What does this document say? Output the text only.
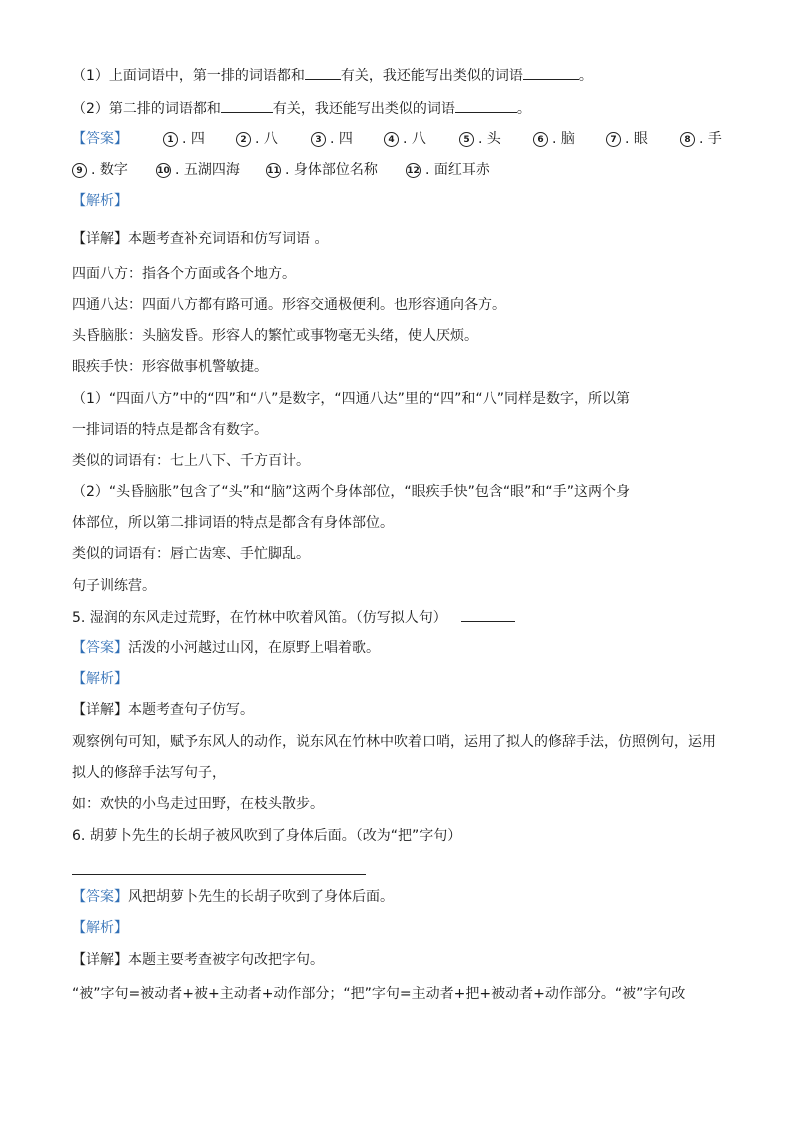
（1）上面词语中，第一排的词语都和	有关，我还能写出类似的词语	。
（2）第二排的词语都和	有关，我还能写出类似的词语	。
【答案】	1 . 四	2 . 八	3 . 四	4 . 八	5 . 头	6 . 脑	7 . 眼	8 . 手
9 . 数字	10 . 五湖四海	11 . 身体部位名称	12 . 面红耳赤
【解析】
【详解】本题考查补充词语和仿写词语 。
四面八方：指各个方面或各个地方。
四通八达：四面八方都有路可通。形容交通极便利。也形容通向各方。
头昏脑胀：头脑发昏。形容人的繁忙或事物毫无头绪，使人厌烦。
眼疾手快：形容做事机警敏捷。
（1）“四面八方”中的“四”和“八”是数字，“四通八达”里的“四”和“八”同样是数字，所以第
一排词语的特点是都含有数字。
类似的词语有：七上八下、千方百计。
（2）“头昏脑胀”包含了“头”和“脑”这两个身体部位，“眼疾手快”包含“眼”和“手”这两个身
体部位，所以第二排词语的特点是都含有身体部位。
类似的词语有：唇亡齿寒、手忙脚乱。
句子训练营。
5. 湿润的东风走过荒野，在竹林中吹着风笛。（仿写拟人句）
【答案】活泼的小河越过山冈，在原野上唱着歌。
【解析】
【详解】本题考查句子仿写。
观察例句可知，赋予东风人的动作，说东风在竹林中吹着口哨，运用了拟人的修辞手法，仿照例句，运用
拟人的修辞手法写句子，
如：欢快的小鸟走过田野，在枝头散步。
6. 胡萝卜先生的长胡子被风吹到了身体后面。（改为“把”字句）
【答案】风把胡萝卜先生的长胡子吹到了身体后面。
【解析】
【详解】本题主要考查被字句改把字句。
“被”字句=被动者+被+主动者+动作部分；“把”字句=主动者+把+被动者+动作部分。“被”字句改
